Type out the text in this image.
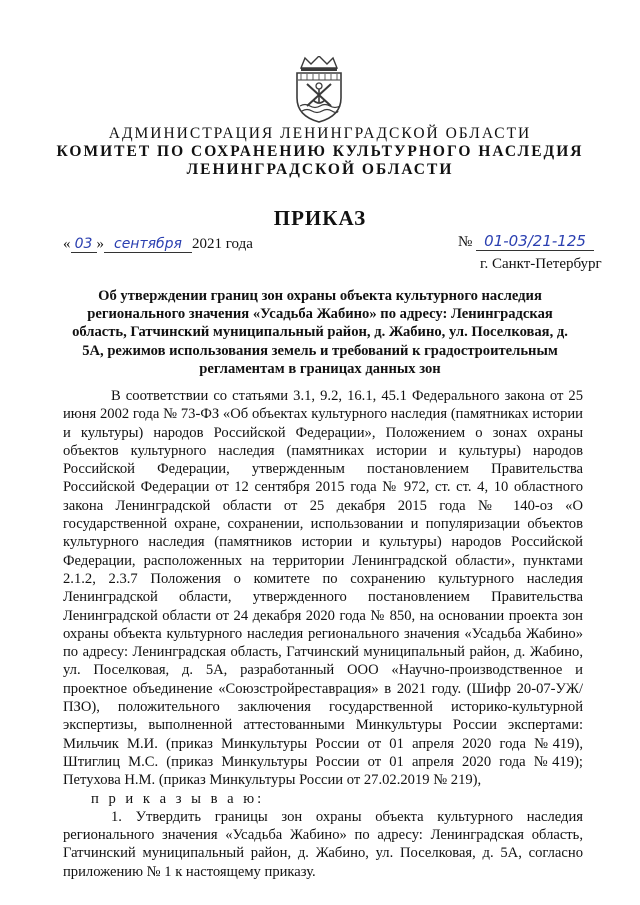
АДМИНИСТРАЦИЯ ЛЕНИНГРАДСКОЙ ОБЛАСТИ
КОМИТЕТ ПО СОХРАНЕНИЮ КУЛЬТУРНОГО НАСЛЕДИЯ
ЛЕНИНГРАДСКОЙ ОБЛАСТИ
ПРИКАЗ
« 03 » сентября 2021 года	№ 01-03/21-125
г. Санкт-Петербург
Об утверждении границ зон охраны объекта культурного наследия регионального значения «Усадьба Жабино» по адресу: Ленинградская область, Гатчинский муниципальный район, д. Жабино, ул. Поселковая, д. 5А, режимов использования земель и требований к градостроительным регламентам в границах данных зон

В соответствии со статьями 3.1, 9.2, 16.1, 45.1 Федерального закона от 25 июня 2002 года № 73-ФЗ «Об объектах культурного наследия (памятниках истории и культуры) народов Российской Федерации», Положением о зонах охраны объектов культурного наследия (памятниках истории и культуры) народов Российской Федерации, утвержденным постановлением Правительства Российской Федерации от 12 сентября 2015 года № 972, ст. ст. 4, 10 областного закона Ленинградской области от 25 декабря 2015 года № 140-оз «О государственной охране, сохранении, использовании и популяризации объектов культурного наследия (памятников истории и культуры) народов Российской Федерации, расположенных на территории Ленинградской области», пунктами 2.1.2, 2.3.7 Положения о комитете по сохранению культурного наследия Ленинградской области, утвержденного постановлением Правительства Ленинградской области от 24 декабря 2020 года № 850, на основании проекта зон охраны объекта культурного наследия регионального значения «Усадьба Жабино» по адресу: Ленинградская область, Гатчинский муниципальный район, д. Жабино, ул. Поселковая, д. 5А, разработанный ООО «Научно-производственное и проектное объединение «Союзстройреставрация» в 2021 году. (Шифр 20-07-УЖ/ПЗО), положительного заключения государственной историко-культурной экспертизы, выполненной аттестованными Минкультуры России экспертами: Мильчик М.И. (приказ Минкультуры России от 01 апреля 2020 года №419), Штиглиц М.С. (приказ Минкультуры России от 01 апреля 2020 года №419); Петухова Н.М. (приказ Минкультуры России от 27.02.2019 № 219),

п р и к а з ы в а ю:

1. Утвердить границы зон охраны объекта культурного наследия регионального значения «Усадьба Жабино» по адресу: Ленинградская область, Гатчинский муниципальный район, д. Жабино, ул. Поселковая, д. 5А, согласно приложению № 1 к настоящему приказу.
